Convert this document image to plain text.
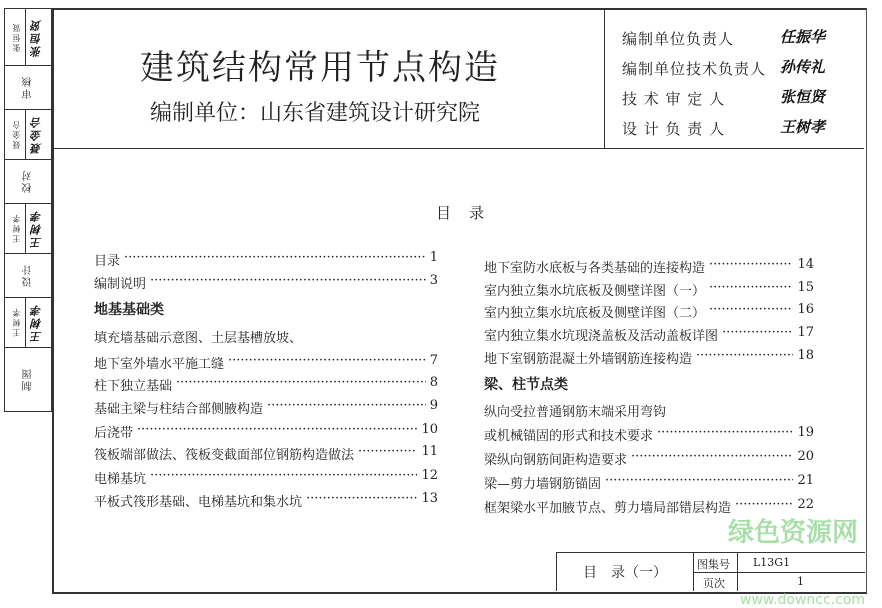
张恒贤 张恒贤
审核
聂金合 聂金合
校对
王树孝 王树孝
设计
王树孝 王树孝
制图
建筑结构常用节点构造
编制单位：山东省建筑设计研究院
编制单位负责人	任振华
编制单位技术负责人 孙传礼
技 术 审 定 人	张恒贤
设 计 负 责 人	王树孝
目录
目录 ·····	1
编制说明 ·····	3
地基基础类
填充墙基础示意图、土层基槽放坡、
地下室外墙水平施工缝 ·····	7
柱下独立基础 ·····	8
基础主梁与柱结合部侧腋构造 ·····	9
后浇带 ·····	10
筏板端部做法、筏板变截面部位钢筋构造做法 ·····	11
电梯基坑 ·····	12
平板式筏形基础、电梯基坑和集水坑 ·····	13
地下室防水底板与各类基础的连接构造 ·····	14
室内独立集水坑底板及侧壁详图（一） ·····	15
室内独立集水坑底板及侧壁详图（二） ·····	16
室内独立集水坑现浇盖板及活动盖板详图 ·····	17
地下室钢筋混凝土外墙钢筋连接构造 ·····	18
梁、柱节点类
纵向受拉普通钢筋末端采用弯钩
或机械锚固的形式和技术要求 ·····	19
梁纵向钢筋间距构造要求 ·····	20
梁—剪力墙钢筋锚固 ·····	21
框架梁水平加腋节点、剪力墙局部错层构造 ·····	22
目　录（一）
图集号 L13G1
页次	1
绿色资源网
www.downcc.com
